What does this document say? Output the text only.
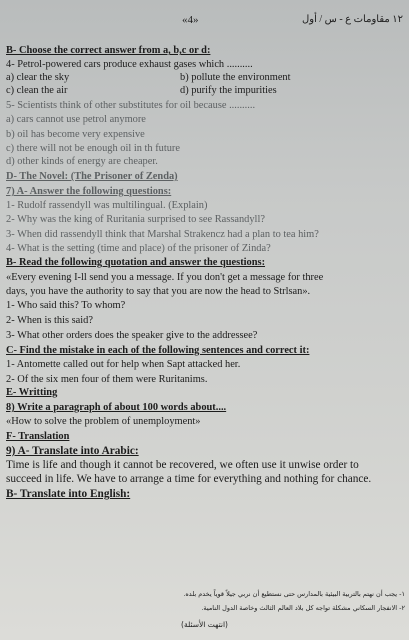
«4»	١٢ مقاومات ع - س / أول
B- Choose the correct answer from a, b,c or d:
4- Petrol-powered cars produce exhaust gases which ..........
a) clear the sky	b) pollute the environment
c) clean the air	d) purify the impurities
5- Scientists think of other substitutes for oil because ..........
a) cars cannot use petrol anymore
b) oil has become very expensive
c) there will not be enough oil in th future
d) other kinds of energy are cheaper.
D- The Novel: (The Prisoner of Zenda)
7) A- Answer the following questions:
1- Rudolf rassendyll was multilingual. (Explain)
2- Why was the king of Ruritania surprised to see Rassandyll?
3- When did rassendyll think that Marshal Strakencz had a plan to tea him?
4- What is the setting (time and place) of the prisoner of Zinda?
B- Read the following quotation and answer the questions:
«Every evening I-ll send you a message. If you don't get a message for three
days, you have the authority to say that you are now the head to Strlsan».
1- Who said this? To whom?
2- When is this said?
3- What other orders does the speaker give to the addressee?
C- Find the mistake in each of the following sentences and correct it:
1- Antomette called out for help when Sapt attacked her.
2- Of the six men four of them were Ruritanims.
E- Writting
8) Write a paragraph of about 100 words about....
«How to solve the problem of unemployment»
F- Translation
9) A- Translate into Arabic:
Time is life and though it cannot be recovered, we often use it unwise order to
succeed in life. We have to arrange a time for everything and nothing for chance.
B- Translate into English:
١- يجب أن نهتم بالتربية البيئية بالمدارس حتى نستطيع أن نربي جيلاً قوياً يخدم بلده.
٢- الانفجار السكاني مشكلة تواجه كل بلاد العالم الثالث وخاصة الدول النامية.
(انتهت الأسئلة)
